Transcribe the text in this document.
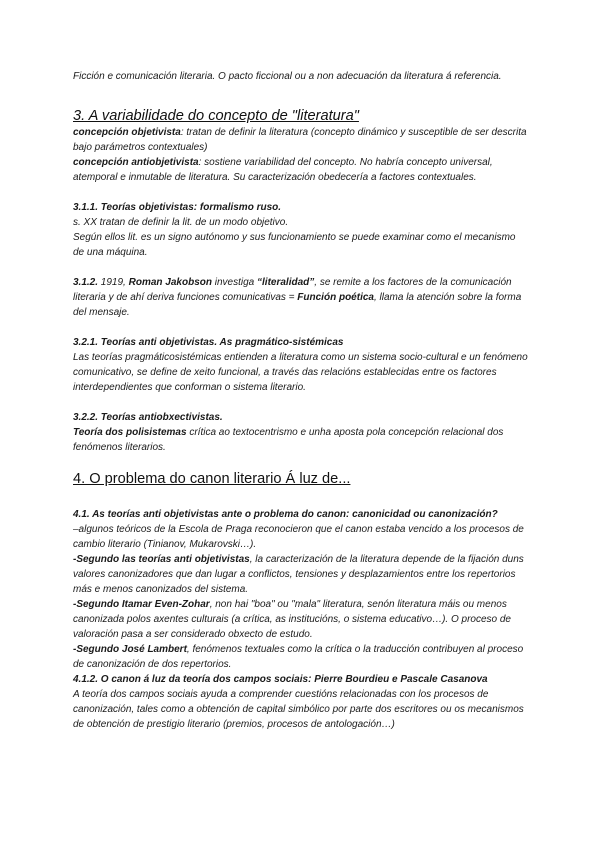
Ficción e comunicación literaria. O pacto ficcional ou a non adecuación da literatura á referencia.

3. A variabilidade do concepto de "literatura"

concepción objetivista: tratan de definir la literatura (concepto dinámico y susceptible de ser descrita bajo parámetros contextuales)

concepción antiobjetivista: sostiene variabilidad del concepto. No habría concepto universal, atemporal e inmutable de literatura. Su caracterización obedecería a factores contextuales.

3.1.1. Teorías objetivistas: formalismo ruso.

s. XX tratan de definir la lit. de un modo objetivo.

Según ellos lit. es un signo autónomo y sus funcionamiento se puede examinar como el mecanismo de una máquina.

3.1.2. 1919, Roman Jakobson investiga “literalidad”, se remite a los factores de la comunicación literaria y de ahí deriva funciones comunicativas = Función poética, llama la atención sobre la forma del mensaje.

3.2.1. Teorías anti objetivistas. As pragmático-sistémicas

Las teorías pragmáticosistémicas entienden a literatura como un sistema socio-cultural e un fenómeno comunicativo, se define de xeito funcional, a través das relacións establecidas entre os factores interdependientes que conforman o sistema literario.

3.2.2. Teorías antiobxectivistas.

Teoría dos polisistemas crítica ao textocentrismo e unha aposta pola concepción relacional dos fenómenos literarios.

4. O problema do canon literario Á luz de...

4.1. As teorías anti objetivistas ante o problema do canon: canonicidad ou canonización?

–algunos teóricos de la Escola de Praga reconocieron que el canon estaba vencido a los procesos de cambio literario (Tinianov, Mukarovski…).

-Segundo las teorías anti objetivistas, la caracterización de la literatura depende de la fijación duns valores canonizadores que dan lugar a conflictos, tensiones y desplazamientos entre los repertorios más e menos canonizados del sistema.

-Segundo Itamar Even-Zohar, non hai "boa" ou "mala" literatura, senón literatura máis ou menos canonizada polos axentes culturais (a crítica, as institucións, o sistema educativo…). O proceso de valoración pasa a ser considerado obxecto de estudo.

-Segundo José Lambert, fenómenos textuales como la crítica o la traducción contribuyen al proceso de canonización de dos repertorios.

4.1.2. O canon á luz da teoría dos campos sociais: Pierre Bourdieu e Pascale Casanova

A teoría dos campos sociais ayuda a comprender cuestións relacionadas con los procesos de canonización, tales como a obtención de capital simbólico por parte dos escritores ou os mecanismos de obtención de prestigio literario (premios, procesos de antologación…)
